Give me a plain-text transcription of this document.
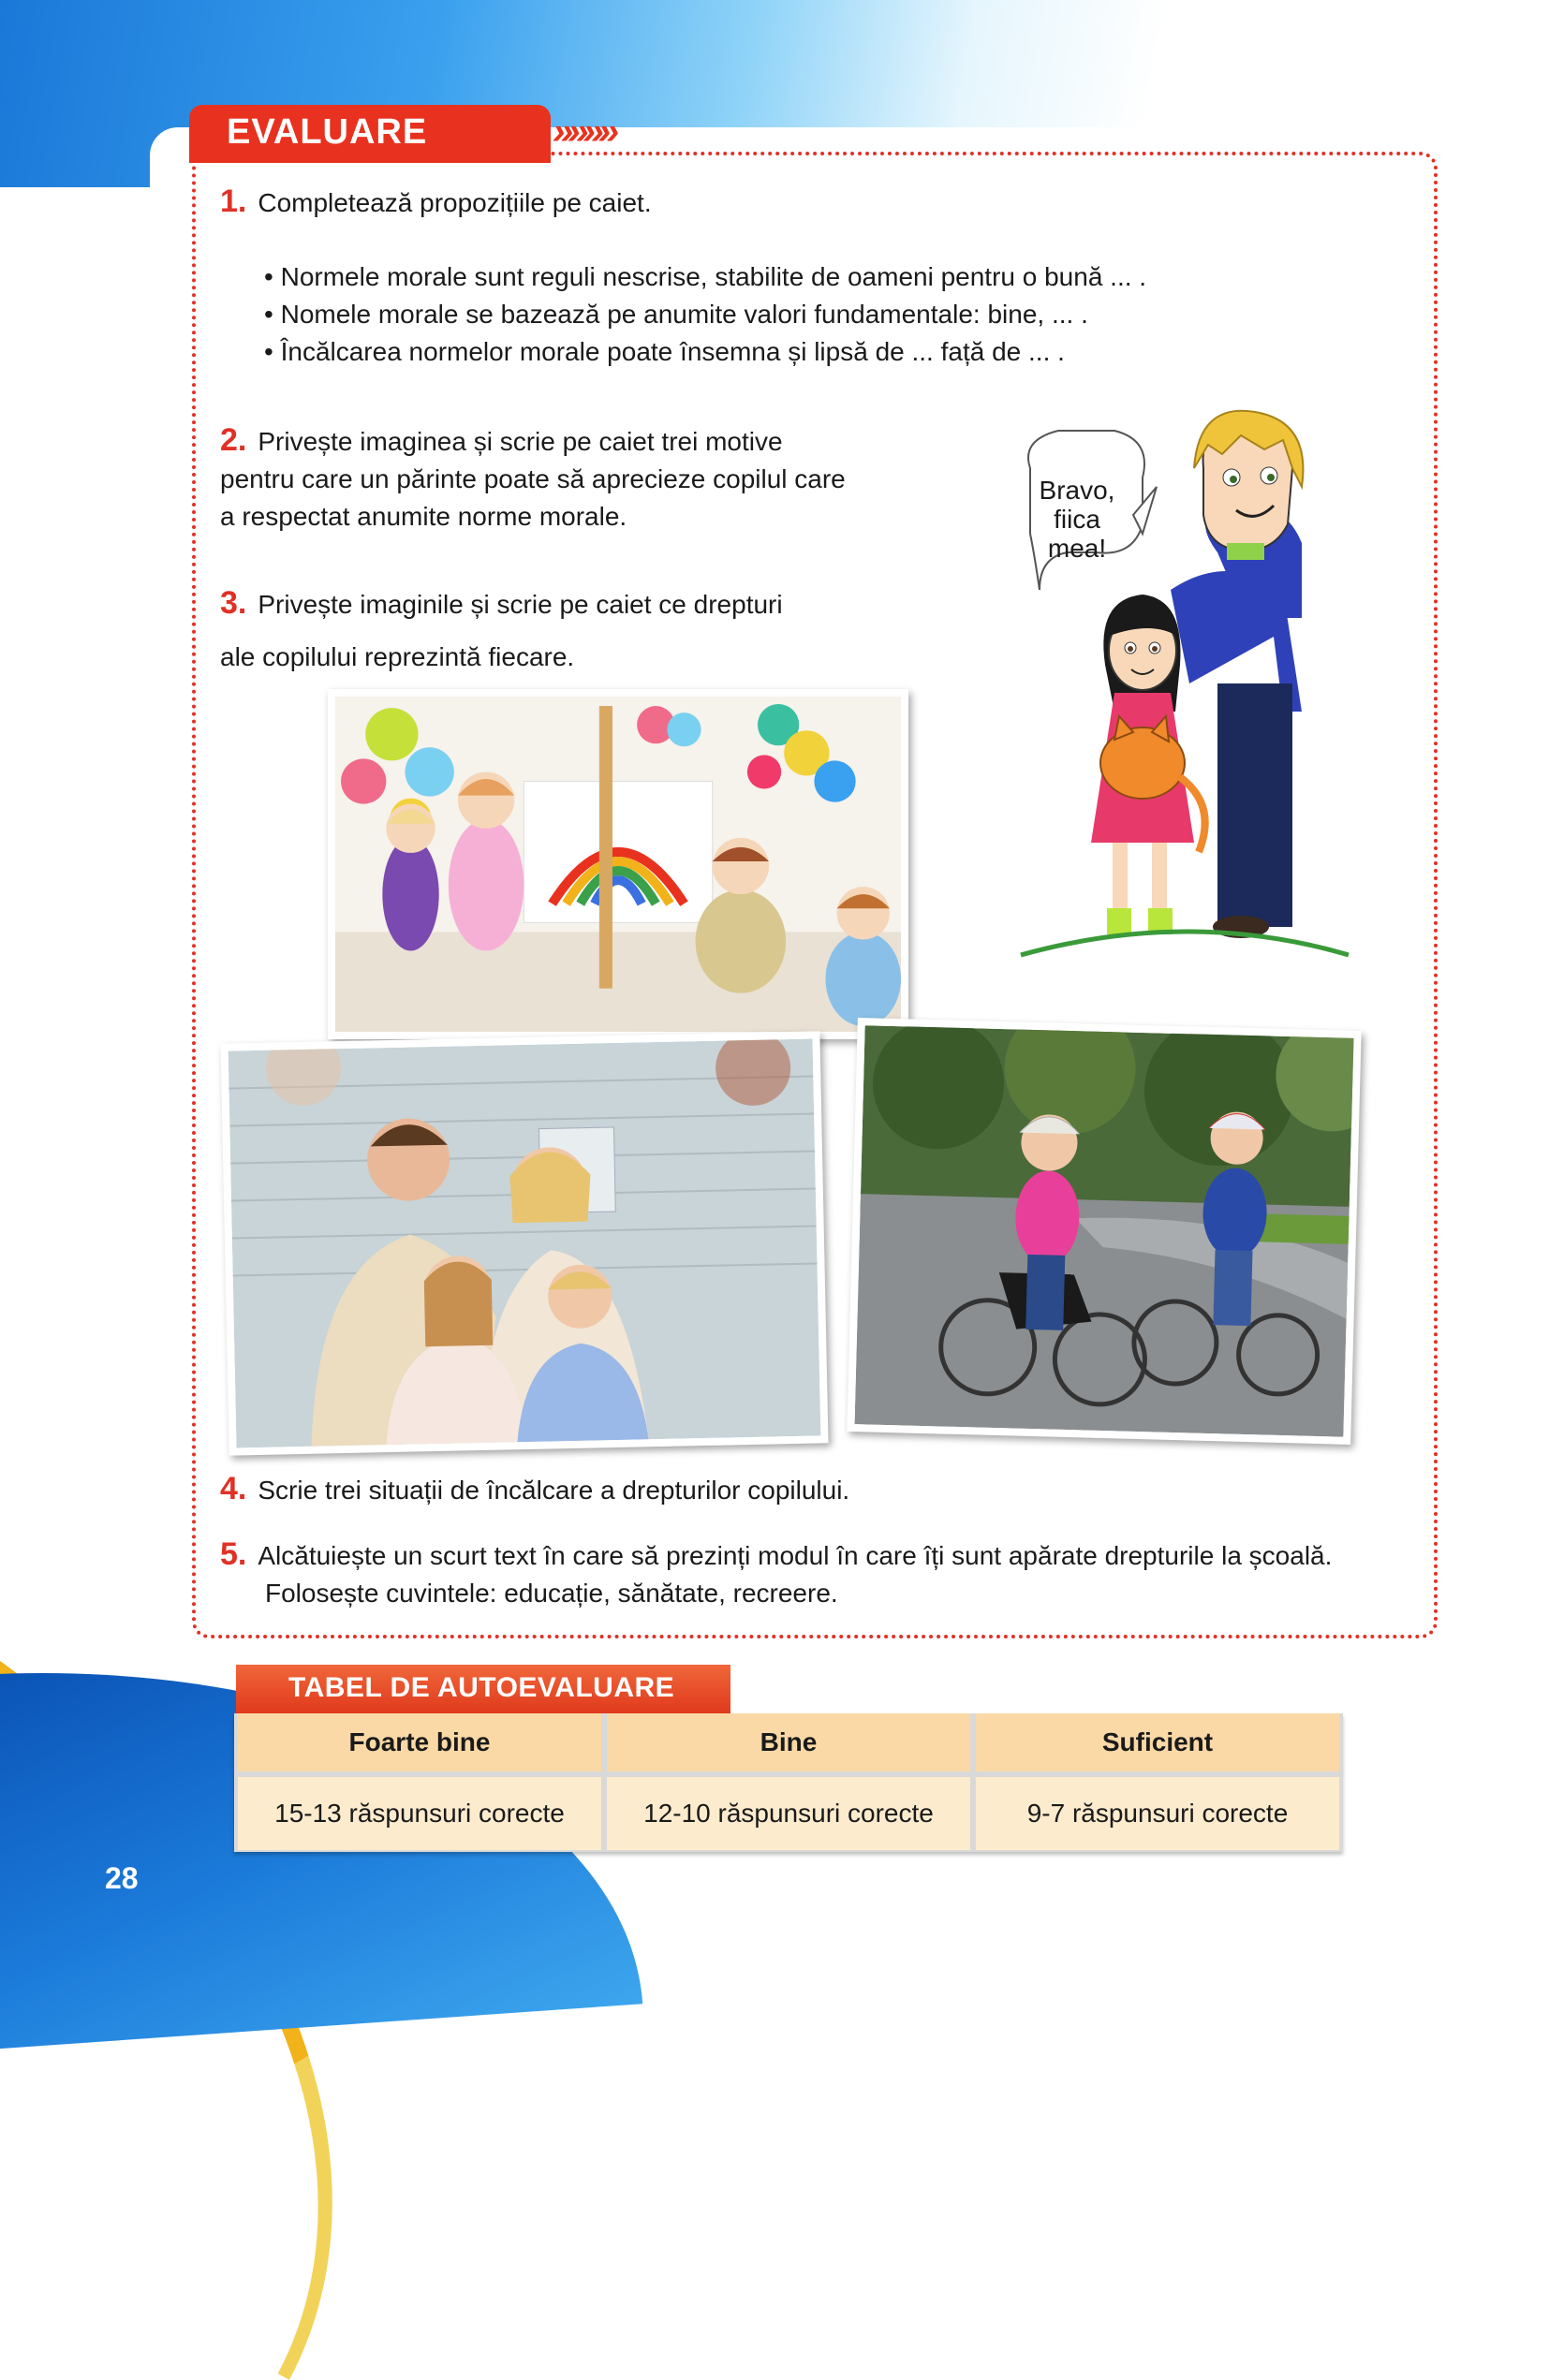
28
EVALUARE	»»»»
1. Completează propozițiile pe caiet.
• Normele morale sunt reguli nescrise, stabilite de oameni pentru o bună ... .
• Nomele morale se bazează pe anumite valori fundamentale: bine, ... .
• Încălcarea normelor morale poate însemna și lipsă de ... față de ... .
2. Privește imaginea și scrie pe caiet trei motive pentru care un părinte poate să aprecieze copilul care a respectat anumite norme morale.
3. Privește imaginile și scrie pe caiet ce drepturi
ale copilului reprezintă fiecare.
Bravo,
fiica
mea!
4. Scrie trei situații de încălcare a drepturilor copilului.
5. Alcătuiește un scurt text în care să prezinți modul în care îți sunt apărate drepturile la școală.
Folosește cuvintele: educație, sănătate, recreere.
TABEL DE AUTOEVALUARE
Foarte bine	Bine	Suficient
15-13 răspunsuri corecte	12-10 răspunsuri corecte	9-7 răspunsuri corecte
